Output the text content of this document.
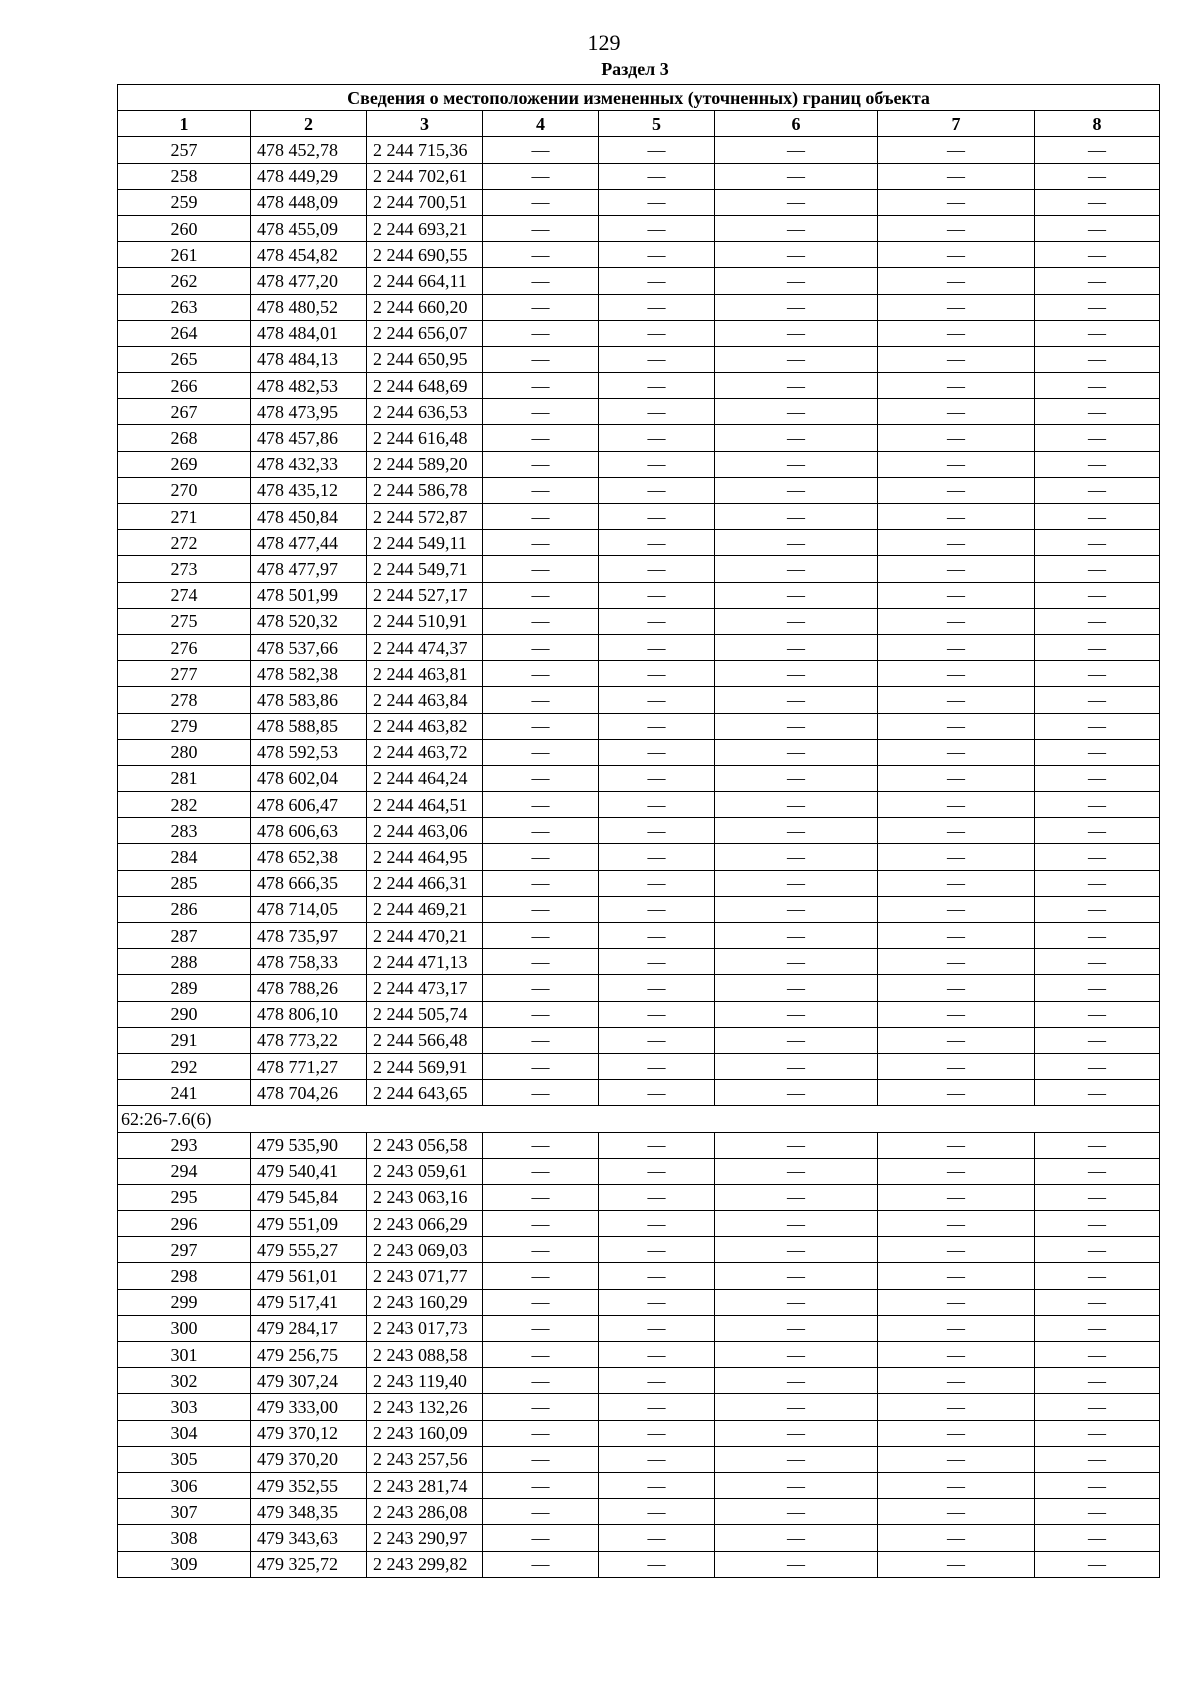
129
Раздел 3
Сведения о местоположении измененных (уточненных) границ объекта							
1	2	3	4	5	6	7	8
257	478 452,78	2 244 715,36	—	—	—	—	—
258	478 449,29	2 244 702,61	—	—	—	—	—
259	478 448,09	2 244 700,51	—	—	—	—	—
260	478 455,09	2 244 693,21	—	—	—	—	—
261	478 454,82	2 244 690,55	—	—	—	—	—
262	478 477,20	2 244 664,11	—	—	—	—	—
263	478 480,52	2 244 660,20	—	—	—	—	—
264	478 484,01	2 244 656,07	—	—	—	—	—
265	478 484,13	2 244 650,95	—	—	—	—	—
266	478 482,53	2 244 648,69	—	—	—	—	—
267	478 473,95	2 244 636,53	—	—	—	—	—
268	478 457,86	2 244 616,48	—	—	—	—	—
269	478 432,33	2 244 589,20	—	—	—	—	—
270	478 435,12	2 244 586,78	—	—	—	—	—
271	478 450,84	2 244 572,87	—	—	—	—	—
272	478 477,44	2 244 549,11	—	—	—	—	—
273	478 477,97	2 244 549,71	—	—	—	—	—
274	478 501,99	2 244 527,17	—	—	—	—	—
275	478 520,32	2 244 510,91	—	—	—	—	—
276	478 537,66	2 244 474,37	—	—	—	—	—
277	478 582,38	2 244 463,81	—	—	—	—	—
278	478 583,86	2 244 463,84	—	—	—	—	—
279	478 588,85	2 244 463,82	—	—	—	—	—
280	478 592,53	2 244 463,72	—	—	—	—	—
281	478 602,04	2 244 464,24	—	—	—	—	—
282	478 606,47	2 244 464,51	—	—	—	—	—
283	478 606,63	2 244 463,06	—	—	—	—	—
284	478 652,38	2 244 464,95	—	—	—	—	—
285	478 666,35	2 244 466,31	—	—	—	—	—
286	478 714,05	2 244 469,21	—	—	—	—	—
287	478 735,97	2 244 470,21	—	—	—	—	—
288	478 758,33	2 244 471,13	—	—	—	—	—
289	478 788,26	2 244 473,17	—	—	—	—	—
290	478 806,10	2 244 505,74	—	—	—	—	—
291	478 773,22	2 244 566,48	—	—	—	—	—
292	478 771,27	2 244 569,91	—	—	—	—	—
241	478 704,26	2 244 643,65	—	—	—	—	—
62:26-7.6(6)							
293	479 535,90	2 243 056,58	—	—	—	—	—
294	479 540,41	2 243 059,61	—	—	—	—	—
295	479 545,84	2 243 063,16	—	—	—	—	—
296	479 551,09	2 243 066,29	—	—	—	—	—
297	479 555,27	2 243 069,03	—	—	—	—	—
298	479 561,01	2 243 071,77	—	—	—	—	—
299	479 517,41	2 243 160,29	—	—	—	—	—
300	479 284,17	2 243 017,73	—	—	—	—	—
301	479 256,75	2 243 088,58	—	—	—	—	—
302	479 307,24	2 243 119,40	—	—	—	—	—
303	479 333,00	2 243 132,26	—	—	—	—	—
304	479 370,12	2 243 160,09	—	—	—	—	—
305	479 370,20	2 243 257,56	—	—	—	—	—
306	479 352,55	2 243 281,74	—	—	—	—	—
307	479 348,35	2 243 286,08	—	—	—	—	—
308	479 343,63	2 243 290,97	—	—	—	—	—
309	479 325,72	2 243 299,82	—	—	—	—	—
